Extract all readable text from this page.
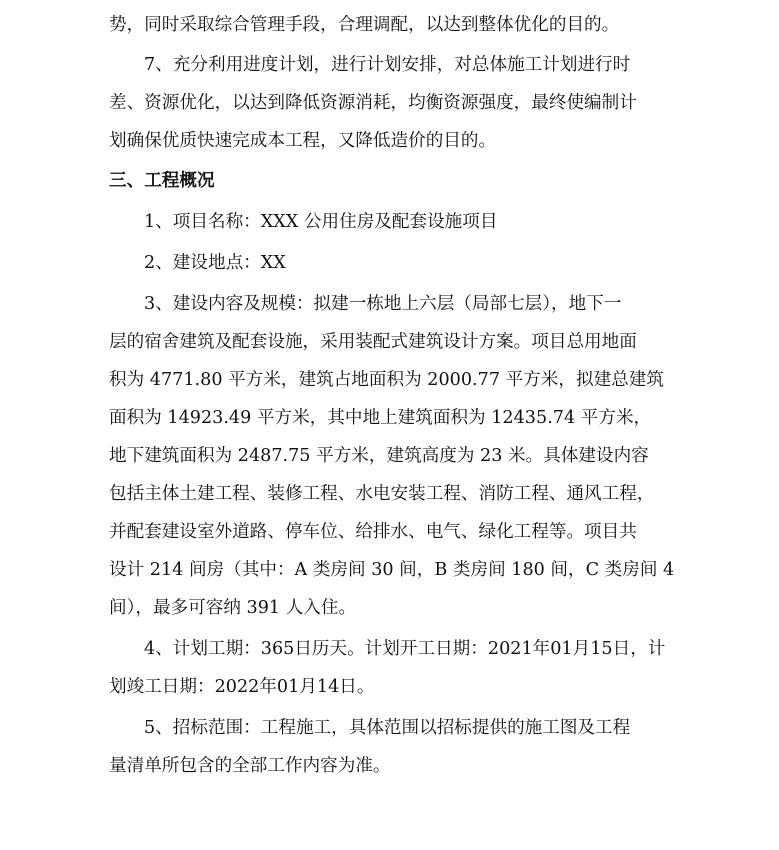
势，同时采取综合管理手段，合理调配，以达到整体优化的目的。
7、充分利用进度计划，进行计划安排，对总体施工计划进行时
差、资源优化，以达到降低资源消耗，均衡资源强度，最终使编制计
划确保优质快速完成本工程，又降低造价的目的。
三、工程概况
1、项目名称：XXX 公用住房及配套设施项目
2、建设地点：XX
3、建设内容及规模：拟建一栋地上六层（局部七层），地下一
层的宿舍建筑及配套设施，采用装配式建筑设计方案。项目总用地面
积为 4771.80 平方米，建筑占地面积为 2000.77 平方米，拟建总建筑
面积为 14923.49 平方米，其中地上建筑面积为 12435.74 平方米，
地下建筑面积为 2487.75 平方米，建筑高度为 23 米。具体建设内容
包括主体土建工程、装修工程、水电安装工程、消防工程、通风工程，
并配套建设室外道路、停车位、给排水、电气、绿化工程等。项目共
设计 214 间房（其中：A 类房间 30 间，B 类房间 180 间，C 类房间 4
间），最多可容纳 391 人入住。
4、计划工期：365日历天。计划开工日期：2021年01月15日，计
划竣工日期：2022年01月14日。
5、招标范围：工程施工，具体范围以招标提供的施工图及工程
量清单所包含的全部工作内容为准。
